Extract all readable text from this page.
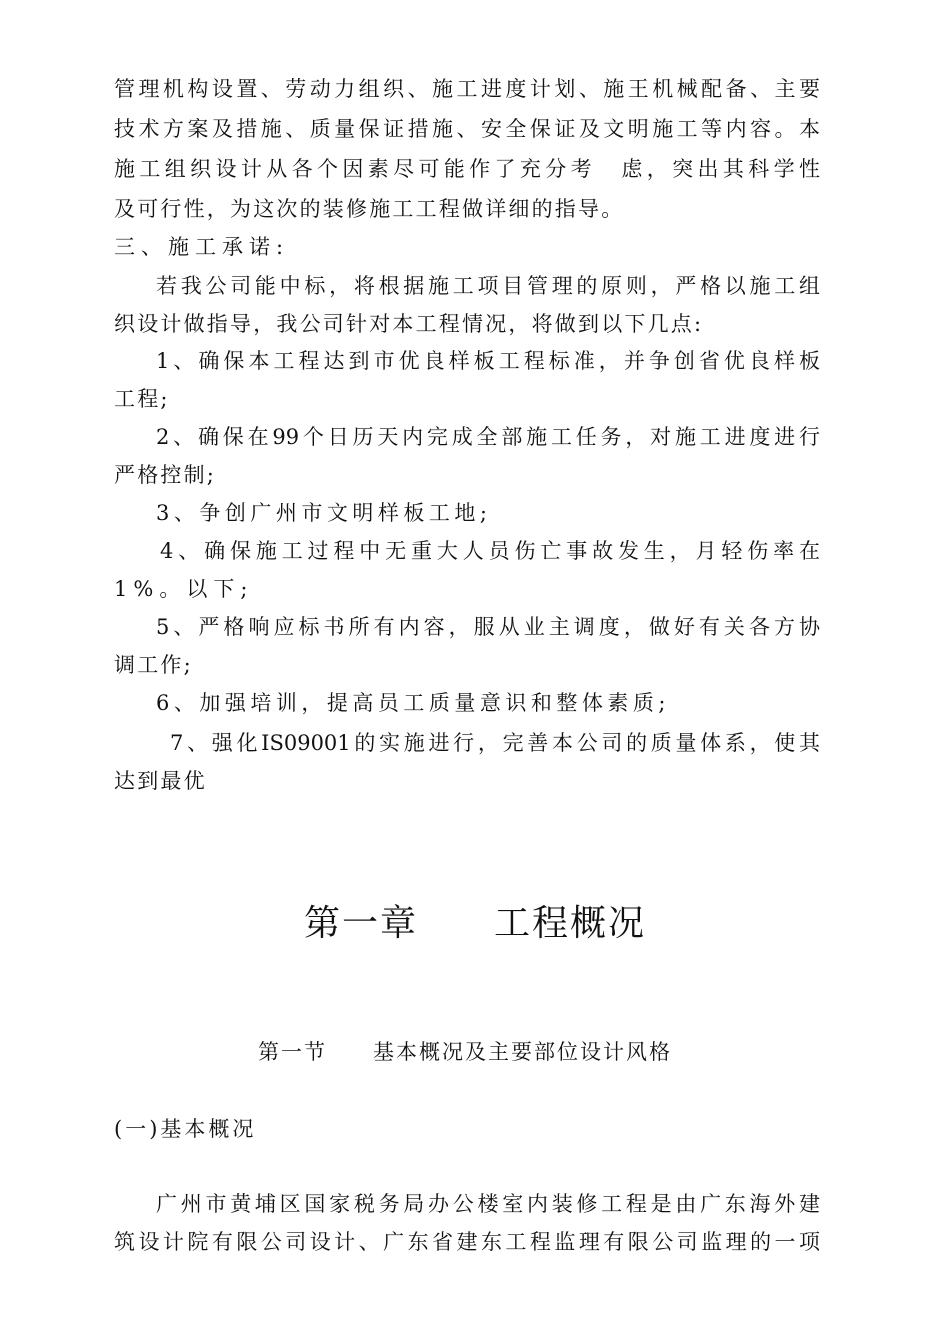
管理机构设置、劳动力组织、施工进度计划、施王机械配备、主要
技术方案及措施、质量保证措施、安全保证及文明施工等内容。本
施工组织设计从各个因素尽可能作了充分考　虑，突出其科学性
及可行性，为这次的装修施工工程做详细的指导。
三、施工承诺:
若我公司能中标，将根据施工项目管理的原则，严格以施工组
织设计做指导，我公司针对本工程情况，将做到以下几点:
1、确保本工程达到市优良样板工程标准，并争创省优良样板
工程;
2、确保在99个日历天内完成全部施工任务，对施工进度进行
严格控制;
3、争创广州市文明样板工地;
4、确保施工过程中无重大人员伤亡事故发生，月轻伤率在
1%。以下;
5、严格响应标书所有内容，服从业主调度，做好有关各方协
调工作;
6、加强培训，提高员工质量意识和整体素质;
7、强化IS09001的实施进行，完善本公司的质量体系，使其
达到最优
第一章　　工程概况
第一节　　基本概况及主要部位设计风格
(一)基本概况
广州市黄埔区国家税务局办公楼室内装修工程是由广东海外建
筑设计院有限公司设计、广东省建东工程监理有限公司监理的一项
